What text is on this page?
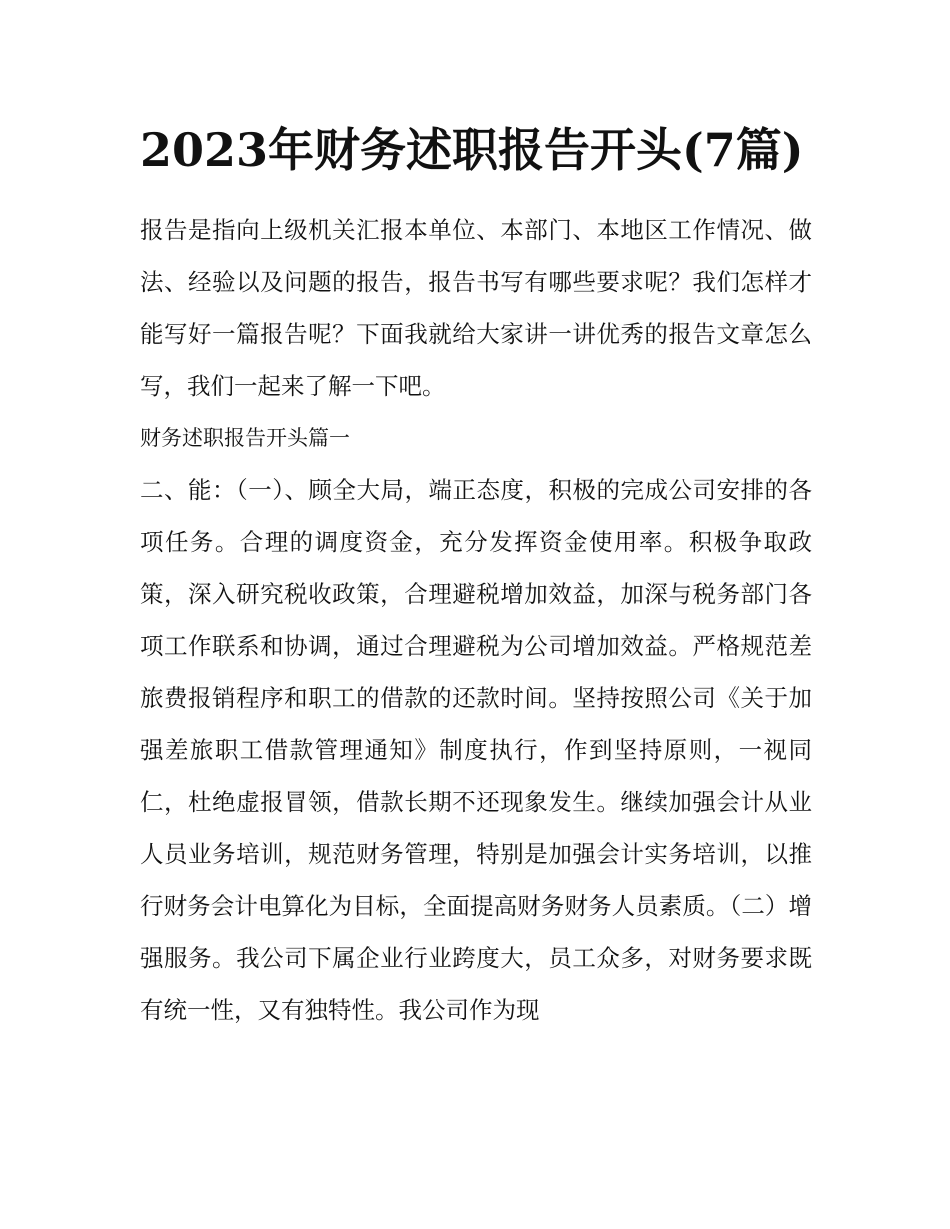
2023年财务述职报告开头(7篇)

报告是指向上级机关汇报本单位、本部门、本地区工作情况、做法、经验以及问题的报告，报告书写有哪些要求呢？我们怎样才能写好一篇报告呢？下面我就给大家讲一讲优秀的报告文章怎么写，我们一起来了解一下吧。

财务述职报告开头篇一

二、能：（一）、顾全大局，端正态度，积极的完成公司安排的各项任务。合理的调度资金，充分发挥资金使用率。积极争取政策，深入研究税收政策，合理避税增加效益，加深与税务部门各项工作联系和协调，通过合理避税为公司增加效益。严格规范差旅费报销程序和职工的借款的还款时间。坚持按照公司《关于加强差旅职工借款管理通知》制度执行，作到坚持原则，一视同仁，杜绝虚报冒领，借款长期不还现象发生。继续加强会计从业人员业务培训，规范财务管理，特别是加强会计实务培训，以推行财务会计电算化为目标，全面提高财务财务人员素质。（二）增强服务。我公司下属企业行业跨度大，员工众多，对财务要求既有统一性，又有独特性。我公司作为现
